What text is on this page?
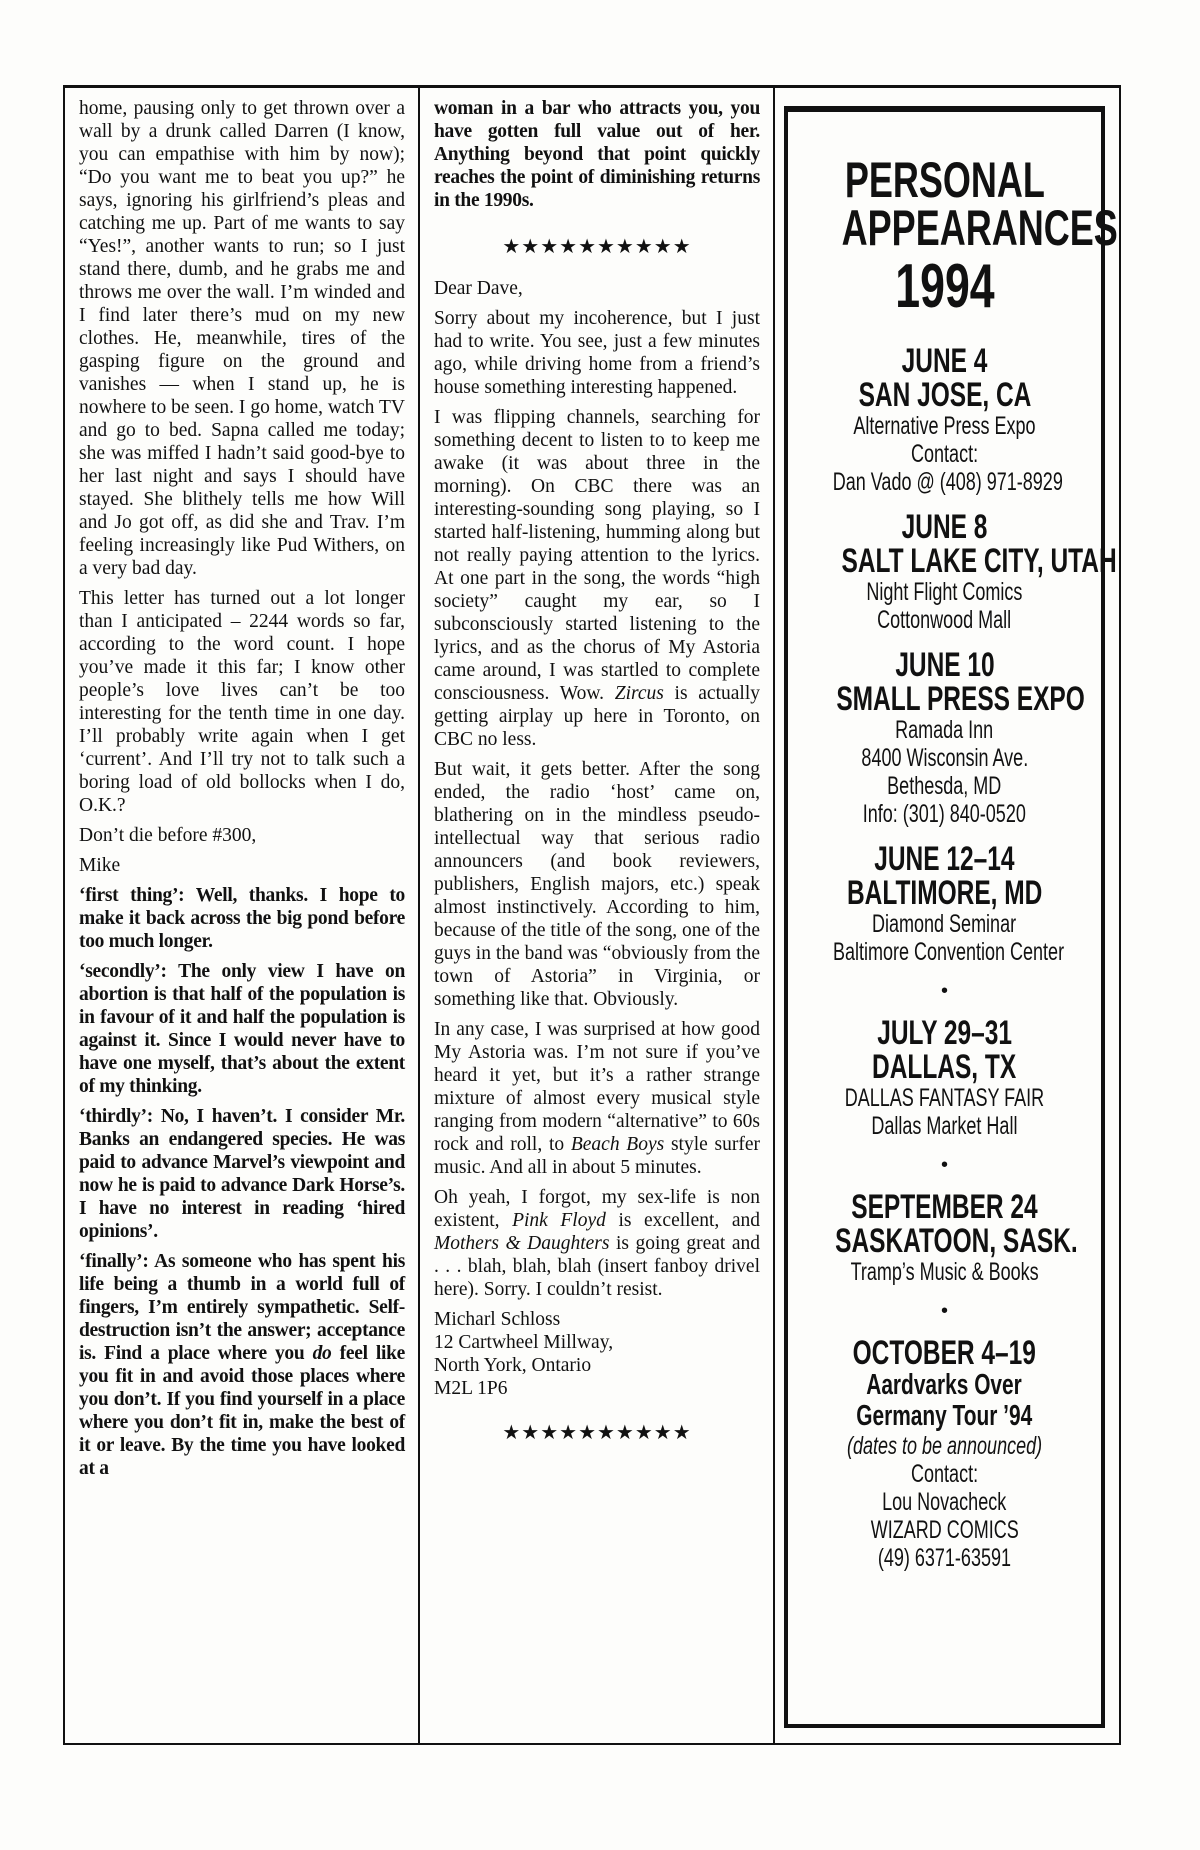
home, pausing only to get thrown over a wall by a drunk called Darren (I know, you can empathise with him by now); “Do you want me to beat you up?” he says, ignoring his girlfriend’s pleas and catching me up. Part of me wants to say “Yes!”, another wants to run; so I just stand there, dumb, and he grabs me and throws me over the wall. I’m winded and I find later there’s mud on my new clothes. He, meanwhile, tires of the gasping figure on the ground and vanishes — when I stand up, he is nowhere to be seen. I go home, watch TV and go to bed. Sapna called me today; she was miffed I hadn’t said good-bye to her last night and says I should have stayed. She blithely tells me how Will and Jo got off, as did she and Trav. I’m feeling increasingly like Pud Withers, on a very bad day.

This letter has turned out a lot longer than I anticipated – 2244 words so far, according to the word count. I hope you’ve made it this far; I know other people’s love lives can’t be too interesting for the tenth time in one day. I’ll probably write again when I get ‘current’. And I’ll try not to talk such a boring load of old bollocks when I do, O.K.?

Don’t die before #300,

Mike

‘first thing’: Well, thanks. I hope to make it back across the big pond before too much longer.

‘secondly’: The only view I have on abortion is that half of the population is in favour of it and half the population is against it. Since I would never have to have one myself, that’s about the extent of my thinking.

‘thirdly’: No, I haven’t. I consider Mr. Banks an endangered species. He was paid to advance Marvel’s viewpoint and now he is paid to advance Dark Horse’s. I have no interest in reading ‘hired opinions’.

‘finally’: As someone who has spent his life being a thumb in a world full of fingers, I’m entirely sympathetic. Self-destruction isn’t the answer; acceptance is. Find a place where you do feel like you fit in and avoid those places where you don’t. If you find yourself in a place where you don’t fit in, make the best of it or leave. By the time you have looked at a

woman in a bar who attracts you, you have gotten full value out of her. Anything beyond that point quickly reaches the point of diminishing returns in the 1990s.

★★★★★★★★★★

Dear Dave,

Sorry about my incoherence, but I just had to write. You see, just a few minutes ago, while driving home from a friend’s house something interesting happened.

I was flipping channels, searching for something decent to listen to to keep me awake (it was about three in the morning). On CBC there was an interesting-sounding song playing, so I started half-listening, humming along but not really paying attention to the lyrics. At one part in the song, the words “high society” caught my ear, so I subconsciously started listening to the lyrics, and as the chorus of My Astoria came around, I was startled to complete consciousness. Wow. Zircus is actually getting airplay up here in Toronto, on CBC no less.

But wait, it gets better. After the song ended, the radio ‘host’ came on, blathering on in the mindless pseudo-intellectual way that serious radio announcers (and book reviewers, publishers, English majors, etc.) speak almost instinctively. According to him, because of the title of the song, one of the guys in the band was “obviously from the town of Astoria” in Virginia, or something like that. Obviously.

In any case, I was surprised at how good My Astoria was. I’m not sure if you’ve heard it yet, but it’s a rather strange mixture of almost every musical style ranging from modern “alternative” to 60s rock and roll, to Beach Boys style surfer music. And all in about 5 minutes.

Oh yeah, I forgot, my sex-life is non existent, Pink Floyd is excellent, and Mothers & Daughters is going great and . . . blah, blah, blah (insert fanboy drivel here). Sorry. I couldn’t resist.

Micharl Schloss
12 Cartwheel Millway,
North York, Ontario
M2L 1P6
★★★★★★★★★★
PERSONAL
APPEARANCES
1994
JUNE 4
SAN JOSE, CA
Alternative Press Expo
Contact:
Dan Vado @ (408) 971-8929
JUNE 8
SALT LAKE CITY, UTAH
Night Flight Comics
Cottonwood Mall
JUNE 10
SMALL PRESS EXPO
Ramada Inn
8400 Wisconsin Ave.
Bethesda, MD
Info: (301) 840-0520
JUNE 12–14
BALTIMORE, MD
Diamond Seminar
Baltimore Convention Center
•
JULY 29–31
DALLAS, TX
DALLAS FANTASY FAIR
Dallas Market Hall
•
SEPTEMBER 24
SASKATOON, SASK.
Tramp’s Music & Books
•
OCTOBER 4–19
Aardvarks Over
Germany Tour ’94
(dates to be announced)
Contact:
Lou Novacheck
WIZARD COMICS
(49) 6371-63591
